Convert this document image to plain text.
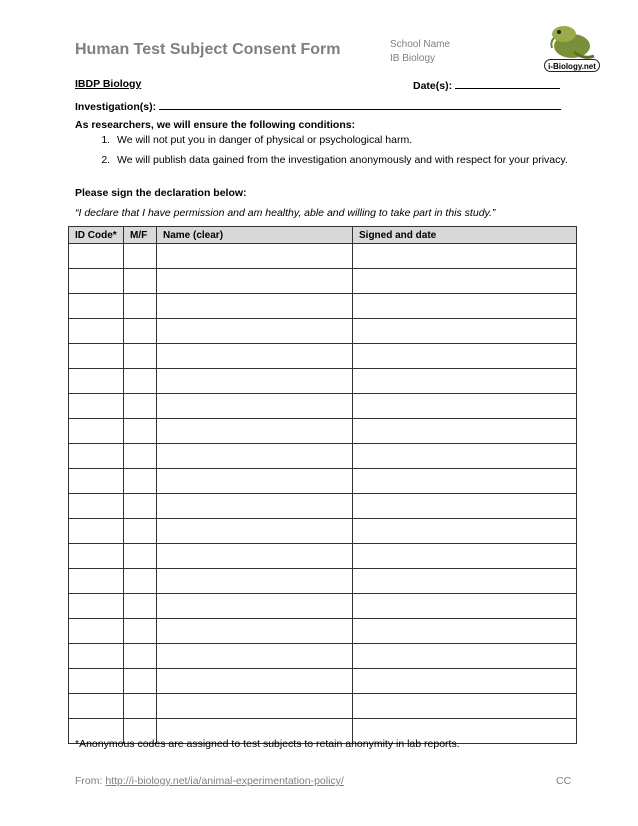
Human Test Subject Consent Form	School Name
IB Biology
i-Biology.net
IBDP Biology	Date(s):
Investigation(s):
As researchers, we will ensure the following conditions:
1. We will not put you in danger of physical or psychological harm.
2. We will publish data gained from the investigation anonymously and with respect for your privacy.
Please sign the declaration below:
“I declare that I have permission and am healthy, able and willing to take part in this study.”
ID Code*	M/F	Name (clear)	Signed and date

*Anonymous codes are assigned to test subjects to retain anonymity in lab reports.
From: http://i-biology.net/ia/animal-experimentation-policy/	CC
